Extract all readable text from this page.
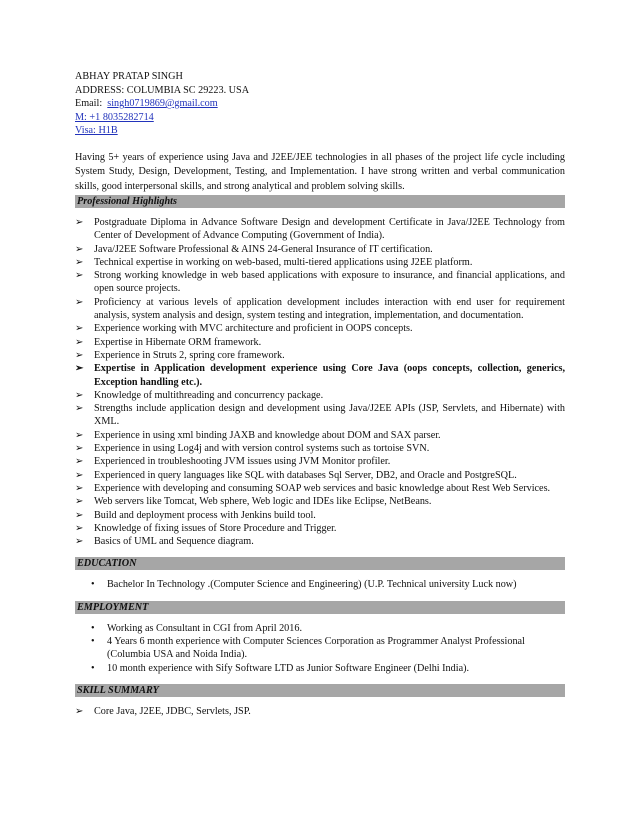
ABHAY PRATAP SINGH
ADDRESS: COLUMBIA SC 29223. USA
Email: singh0719869@gmail.com
M: +1 8035282714
Visa: H1B
Having 5+ years of experience using Java and J2EE/JEE technologies in all phases of the project life cycle including System Study, Design, Development, Testing, and Implementation. I have strong written and verbal communication skills, good interpersonal skills, and strong analytical and problem solving skills.
Professional Highlights
➢ Postgraduate Diploma in Advance Software Design and development Certificate in Java/J2EE Technology from Center of Development of Advance Computing (Government of India).
➢ Java/J2EE Software Professional & AINS 24-General Insurance of IT certification.
➢ Technical expertise in working on web-based, multi-tiered applications using J2EE platform.
➢ Strong working knowledge in web based applications with exposure to insurance, and financial applications, and open source projects.
➢ Proficiency at various levels of application development includes interaction with end user for requirement analysis, system analysis and design, system testing and integration, implementation, and documentation.
➢ Experience working with MVC architecture and proficient in OOPS concepts.
➢ Expertise in Hibernate ORM framework.
➢ Experience in Struts 2, spring core framework.
➢ Expertise in Application development experience using Core Java (oops concepts, collection, generics, Exception handling etc.).
➢ Knowledge of multithreading and concurrency package.
➢ Strengths include application design and development using Java/J2EE APIs (JSP, Servlets, and Hibernate) with XML.
➢ Experience in using xml binding JAXB and knowledge about DOM and SAX parser.
➢ Experience in using Log4j and with version control systems such as tortoise SVN.
➢ Experienced in troubleshooting JVM issues using JVM Monitor profiler.
➢ Experienced in query languages like SQL with databases Sql Server, DB2, and Oracle and PostgreSQL.
➢ Experience with developing and consuming SOAP web services and basic knowledge about Rest Web Services.
➢ Web servers like Tomcat, Web sphere, Web logic and IDEs like Eclipse, NetBeans.
➢ Build and deployment process with Jenkins build tool.
➢ Knowledge of fixing issues of Store Procedure and Trigger.
➢ Basics of UML and Sequence diagram.
EDUCATION
• Bachelor In Technology .(Computer Science and Engineering) (U.P. Technical university Luck now)
EMPLOYMENT
• Working as Consultant in CGI from April 2016.
• 4 Years 6 month experience with Computer Sciences Corporation as Programmer Analyst Professional (Columbia USA and Noida India).
• 10 month experience with Sify Software LTD as Junior Software Engineer (Delhi India).
SKILL SUMMARY
➢ Core Java, J2EE, JDBC, Servlets, JSP.
